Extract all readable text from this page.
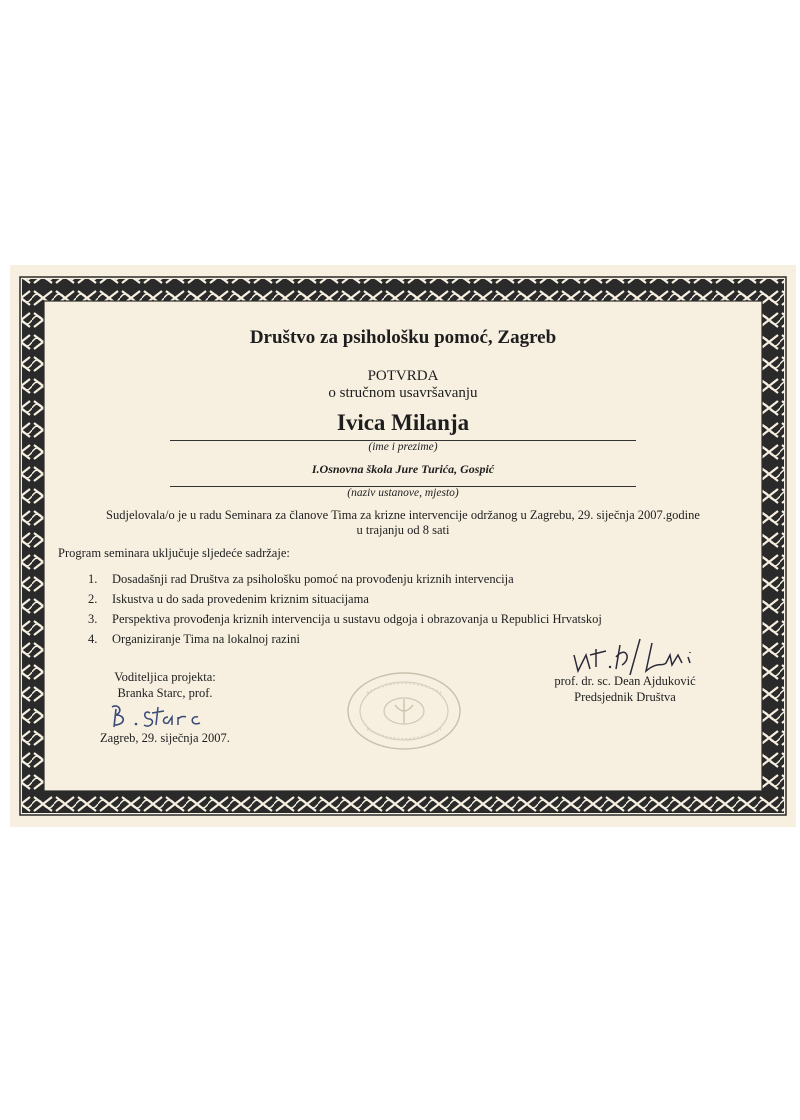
Društvo za psihološku pomoć, Zagreb
POTVRDA
o stručnom usavršavanju
Ivica Milanja
(ime i prezime)
I.Osnovna škola Jure Turića, Gospić
(naziv ustanove, mjesto)
Sudjelovala/o je u radu Seminara za članove Tima za krizne intervencije održanog u Zagrebu, 29. siječnja 2007.godine
u trajanju od 8 sati
Program seminara uključuje sljedeće sadržaje:
1. Dosadašnji rad Društva za psihološku pomoć na provođenju kriznih intervencija
2. Iskustva u do sada provedenim kriznim situacijama
3. Perspektiva provođenja kriznih intervencija u sustavu odgoja i obrazovanja u Republici Hrvatskoj
4. Organiziranje Tima na lokalnoj razini
Voditeljica projekta:
Branka Starc, prof.
Zagreb, 29. siječnja 2007.
prof. dr. sc. Dean Ajduković
Predsjednik Društva
